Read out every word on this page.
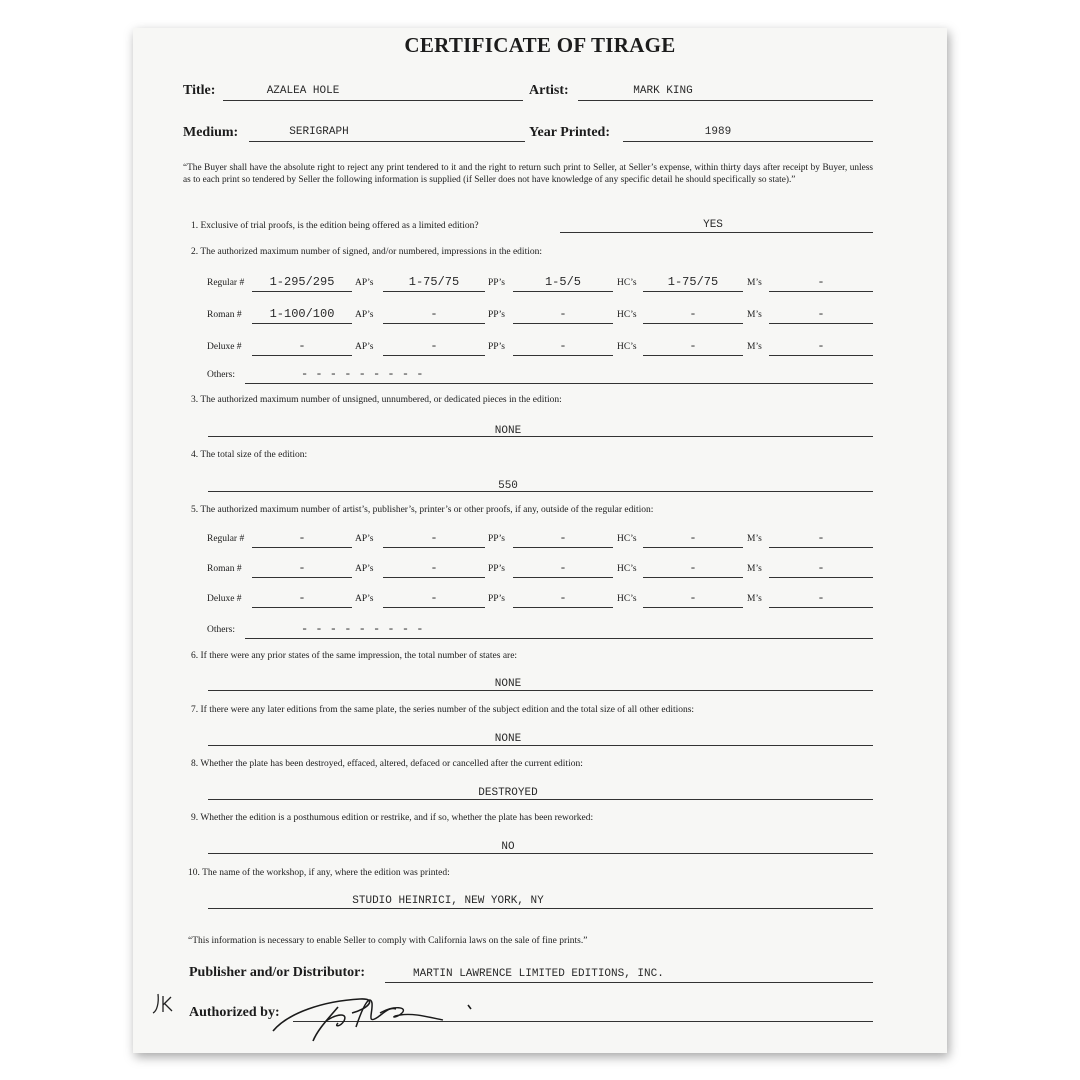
CERTIFICATE OF TIRAGE
Title:	AZALEA HOLE	Artist:	MARK KING
Medium:	SERIGRAPH	Year Printed:	1989
“The Buyer shall have the absolute right to reject any print tendered to it and the right to return such print to Seller, at Seller’s expense, within thirty days after receipt by Buyer, unless as to each print so tendered by Seller the following information is supplied (if Seller does not have knowledge of any specific detail he should specifically so state).”
1. Exclusive of trial proofs, is the edition being offered as a limited edition?	YES
2. The authorized maximum number of signed, and/or numbered, impressions in the edition:
Regular #	1-295/295	AP’s	1-75/75	PP’s	1-5/5	HC’s	1-75/75	M’s	-
Roman #	1-100/100	AP’s	-	PP’s	-	HC’s	-	M’s	-
Deluxe #	-	AP’s	-	PP’s	-	HC’s	-	M’s	-
Others:	- - - - - - - - -
3. The authorized maximum number of unsigned, unnumbered, or dedicated pieces in the edition:
NONE
4. The total size of the edition:
550
5. The authorized maximum number of artist’s, publisher’s, printer’s or other proofs, if any, outside of the regular edition:
Regular #	-	AP’s	-	PP’s	-	HC’s	-	M’s	-
Roman #	-	AP’s	-	PP’s	-	HC’s	-	M’s	-
Deluxe #	-	AP’s	-	PP’s	-	HC’s	-	M’s	-
Others:	- - - - - - - - -
6. If there were any prior states of the same impression, the total number of states are:
NONE
7. If there were any later editions from the same plate, the series number of the subject edition and the total size of all other editions:
NONE
8. Whether the plate has been destroyed, effaced, altered, defaced or cancelled after the current edition:
DESTROYED
9. Whether the edition is a posthumous edition or restrike, and if so, whether the plate has been reworked:
NO
10. The name of the workshop, if any, where the edition was printed:
STUDIO HEINRICI, NEW YORK, NY
“This information is necessary to enable Seller to comply with California laws on the sale of fine prints.”
Publisher and/or Distributor:	MARTIN LAWRENCE LIMITED EDITIONS, INC.
Authorized by:
